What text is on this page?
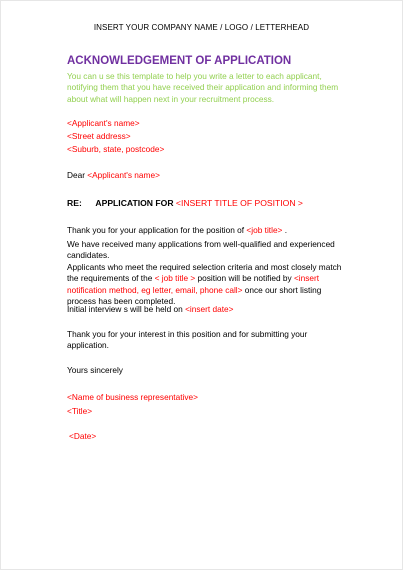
INSERT YOUR COMPANY NAME / LOGO / LETTERHEAD
ACKNOWLEDGEMENT OF APPLICATION
You can u se this template to help you write a letter to each applicant,
notifying them that you have received their application and informing them
about what will happen next in your recruitment process.
<Applicant's name>
<Street address>
<Suburb, state, postcode>
Dear <Applicant's name>
RE: APPLICATION FOR <INSERT TITLE OF POSITION >
Thank you for your application for the position of <job title> .
We have received many applications from well-qualified and experienced
candidates.
Applicants who meet the required selection criteria and most closely match
the requirements of the < job title > position will be notified by <insert
notification method, eg letter, email, phone call> once our short listing
process has been completed.
Initial interview s will be held on <insert date>
Thank you for your interest in this position and for submitting your
application.
Yours sincerely
<Name of business representative>
<Title>
<Date>
